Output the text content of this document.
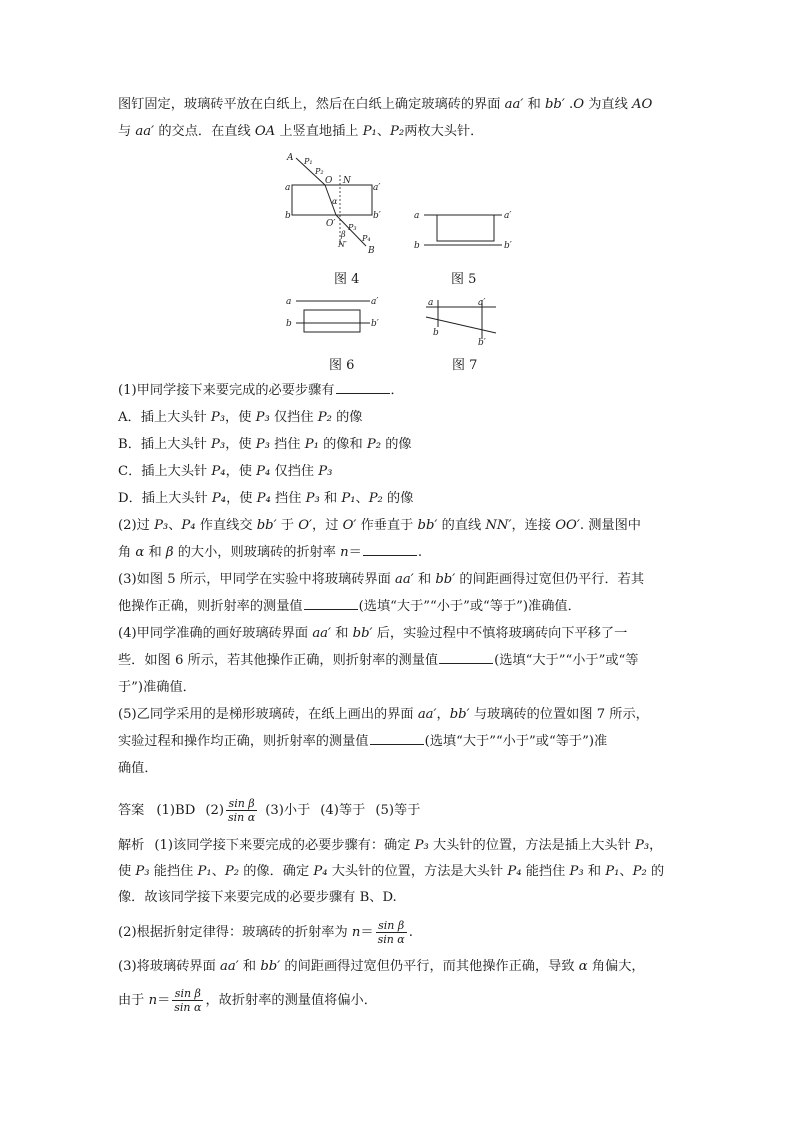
图钉固定，玻璃砖平放在白纸上，然后在白纸上确定玻璃砖的界面 aa′ 和 bb′ .O 为直线 AO
与 aa′ 的交点．在直线 OA 上竖直地插上 P₁、P₂两枚大头针．
A P₁
P₂
O N
a	a′
α
b	b′
O′ P₃
β P₄
N′
B
图 4
a	a′
b	b′
图 5
a	a′
b	b′
图 6
a	a′
b
b′
图 7
(1)甲同学接下来要完成的必要步骤有	．
A．插上大头针 P₃，使 P₃ 仅挡住 P₂ 的像
B．插上大头针 P₃，使 P₃ 挡住 P₁ 的像和 P₂ 的像
C．插上大头针 P₄，使 P₄ 仅挡住 P₃
D．插上大头针 P₄，使 P₄ 挡住 P₃ 和 P₁、P₂ 的像
(2)过 P₃、P₄ 作直线交 bb′ 于 O′，过 O′ 作垂直于 bb′ 的直线 NN′，连接 OO′. 测量图中
角 α 和 β 的大小，则玻璃砖的折射率 n＝	.
(3)如图 5 所示，甲同学在实验中将玻璃砖界面 aa′ 和 bb′ 的间距画得过宽但仍平行．若其
他操作正确，则折射率的测量值	(选填“大于”“小于”或“等于”)准确值．
(4)甲同学准确的画好玻璃砖界面 aa′ 和 bb′ 后，实验过程中不慎将玻璃砖向下平移了一
些．如图 6 所示，若其他操作正确，则折射率的测量值	(选填“大于”“小于”或“等
于”)准确值．
(5)乙同学采用的是梯形玻璃砖，在纸上画出的界面 aa′，bb′ 与玻璃砖的位置如图 7 所示，
实验过程和操作均正确，则折射率的测量值	(选填“大于”“小于”或“等于”)准
确值．
答案 (1)BD $(2) \frac{\text{sin β}}{\text{sin α}} (3)$小于 (4)等于 (5)等于
解析 (1)该同学接下来要完成的必要步骤有：确定 P₃ 大头针的位置，方法是插上大头针 P₃，
使 P₃ 能挡住 P₁、P₂ 的像．确定 P₄ 大头针的位置，方法是大头针 P₄ 能挡住 P₃ 和 P₁、P₂ 的
像．故该同学接下来要完成的必要步骤有 B、D.
(2)根据折射定律得：玻璃砖的折射率为 $n= \frac{\text{sin β}}{\text{sin α}}$ .
(3)将玻璃砖界面 aa′ 和 bb′ 的间距画得过宽但仍平行，而其他操作正确，导致 α 角偏大，
由于 $n= \frac{\text{sin β}}{\text{sin α}}$ ，故折射率的测量值将偏小．
